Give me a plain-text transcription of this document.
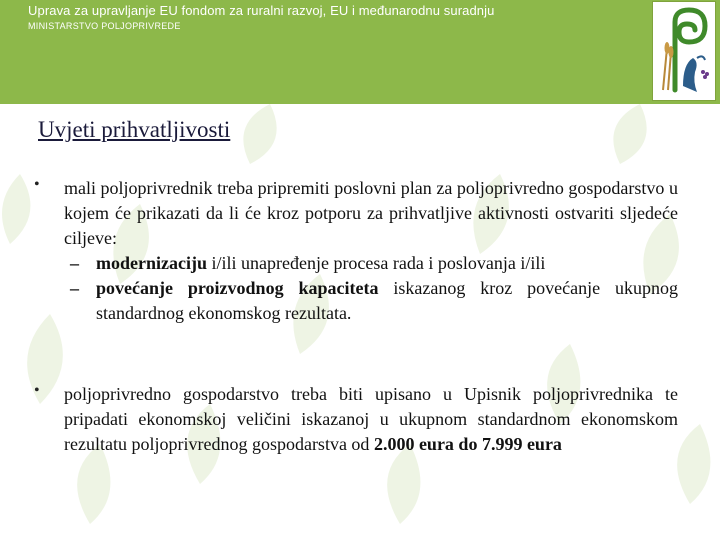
Uprava za upravljanje EU fondom za ruralni razvoj, EU i međunarodnu suradnju
MINISTARSTVO POLJOPRIVREDE
Uvjeti prihvatljivosti
• mali poljoprivrednik treba pripremiti poslovni plan za poljoprivredno gospodarstvo u kojem će prikazati da li će kroz potporu za prihvatljive aktivnosti ostvariti sljedeće ciljeve:
– modernizaciju i/ili unapređenje procesa rada i poslovanja i/ili
– povećanje proizvodnog kapaciteta iskazanog kroz povećanje ukupnog standardnog ekonomskog rezultata.
• poljoprivredno gospodarstvo treba biti upisano u Upisnik poljoprivrednika te pripadati ekonomskoj veličini iskazanoj u ukupnom standardnom ekonomskom rezultatu poljoprivrednog gospodarstva od 2.000 eura do 7.999 eura
